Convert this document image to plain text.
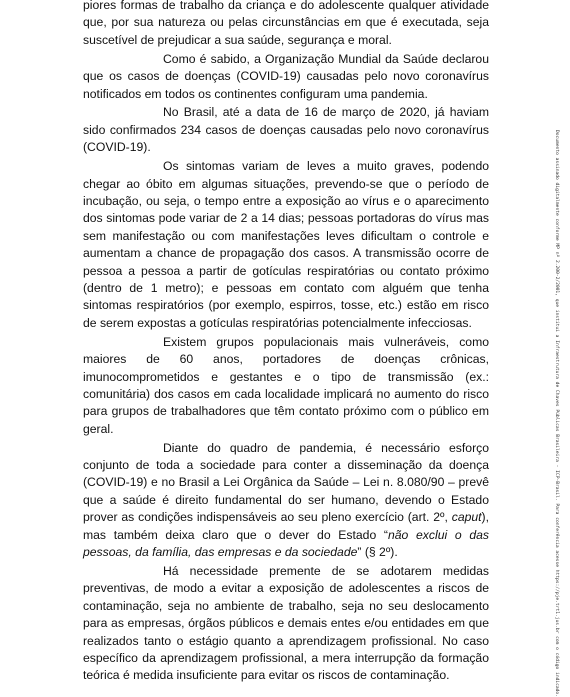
piores formas de trabalho da criança e do adolescente qualquer atividade que, por sua natureza ou pelas circunstâncias em que é executada, seja suscetível de prejudicar a sua saúde, segurança e moral.

Como é sabido, a Organização Mundial da Saúde declarou que os casos de doenças (COVID-19) causadas pelo novo coronavírus notificados em todos os continentes configuram uma pandemia.

No Brasil, até a data de 16 de março de 2020, já haviam sido confirmados 234 casos de doenças causadas pelo novo coronavírus (COVID-19).

Os sintomas variam de leves a muito graves, podendo chegar ao óbito em algumas situações, prevendo-se que o período de incubação, ou seja, o tempo entre a exposição ao vírus e o aparecimento dos sintomas pode variar de 2 a 14 dias; pessoas portadoras do vírus mas sem manifestação ou com manifestações leves dificultam o controle e aumentam a chance de propagação dos casos. A transmissão ocorre de pessoa a pessoa a partir de gotículas respiratórias ou contato próximo (dentro de 1 metro); e pessoas em contato com alguém que tenha sintomas respiratórios (por exemplo, espirros, tosse, etc.) estão em risco de serem expostas a gotículas respiratórias potencialmente infecciosas.

Existem grupos populacionais mais vulneráveis, como maiores de 60 anos, portadores de doenças crônicas, imunocomprometidos e gestantes e o tipo de transmissão (ex.: comunitária) dos casos em cada localidade implicará no aumento do risco para grupos de trabalhadores que têm contato próximo com o público em geral.

Diante do quadro de pandemia, é necessário esforço conjunto de toda a sociedade para conter a disseminação da doença (COVID-19) e no Brasil a Lei Orgânica da Saúde – Lei n. 8.080/90 – prevê que a saúde é direito fundamental do ser humano, devendo o Estado prover as condições indispensáveis ao seu pleno exercício (art. 2º, caput), mas também deixa claro que o dever do Estado “não exclui o das pessoas, da família, das empresas e da sociedade” (§ 2º).

Há necessidade premente de se adotarem medidas preventivas, de modo a evitar a exposição de adolescentes a riscos de contaminação, seja no ambiente de trabalho, seja no seu deslocamento para as empresas, órgãos públicos e demais entes e/ou entidades em que realizados tanto o estágio quanto a aprendizagem profissional. No caso específico da aprendizagem profissional, a mera interrupção da formação teórica é medida insuficiente para evitar os riscos de contaminação.	Documento assinado digitalmente conforme MP nº 2.200-2/2001, que institui a Infraestrutura de Chaves Públicas Brasileira - ICP-Brasil. Para conferência acesse https://pje.trt1.jus.br com o código indicado.
